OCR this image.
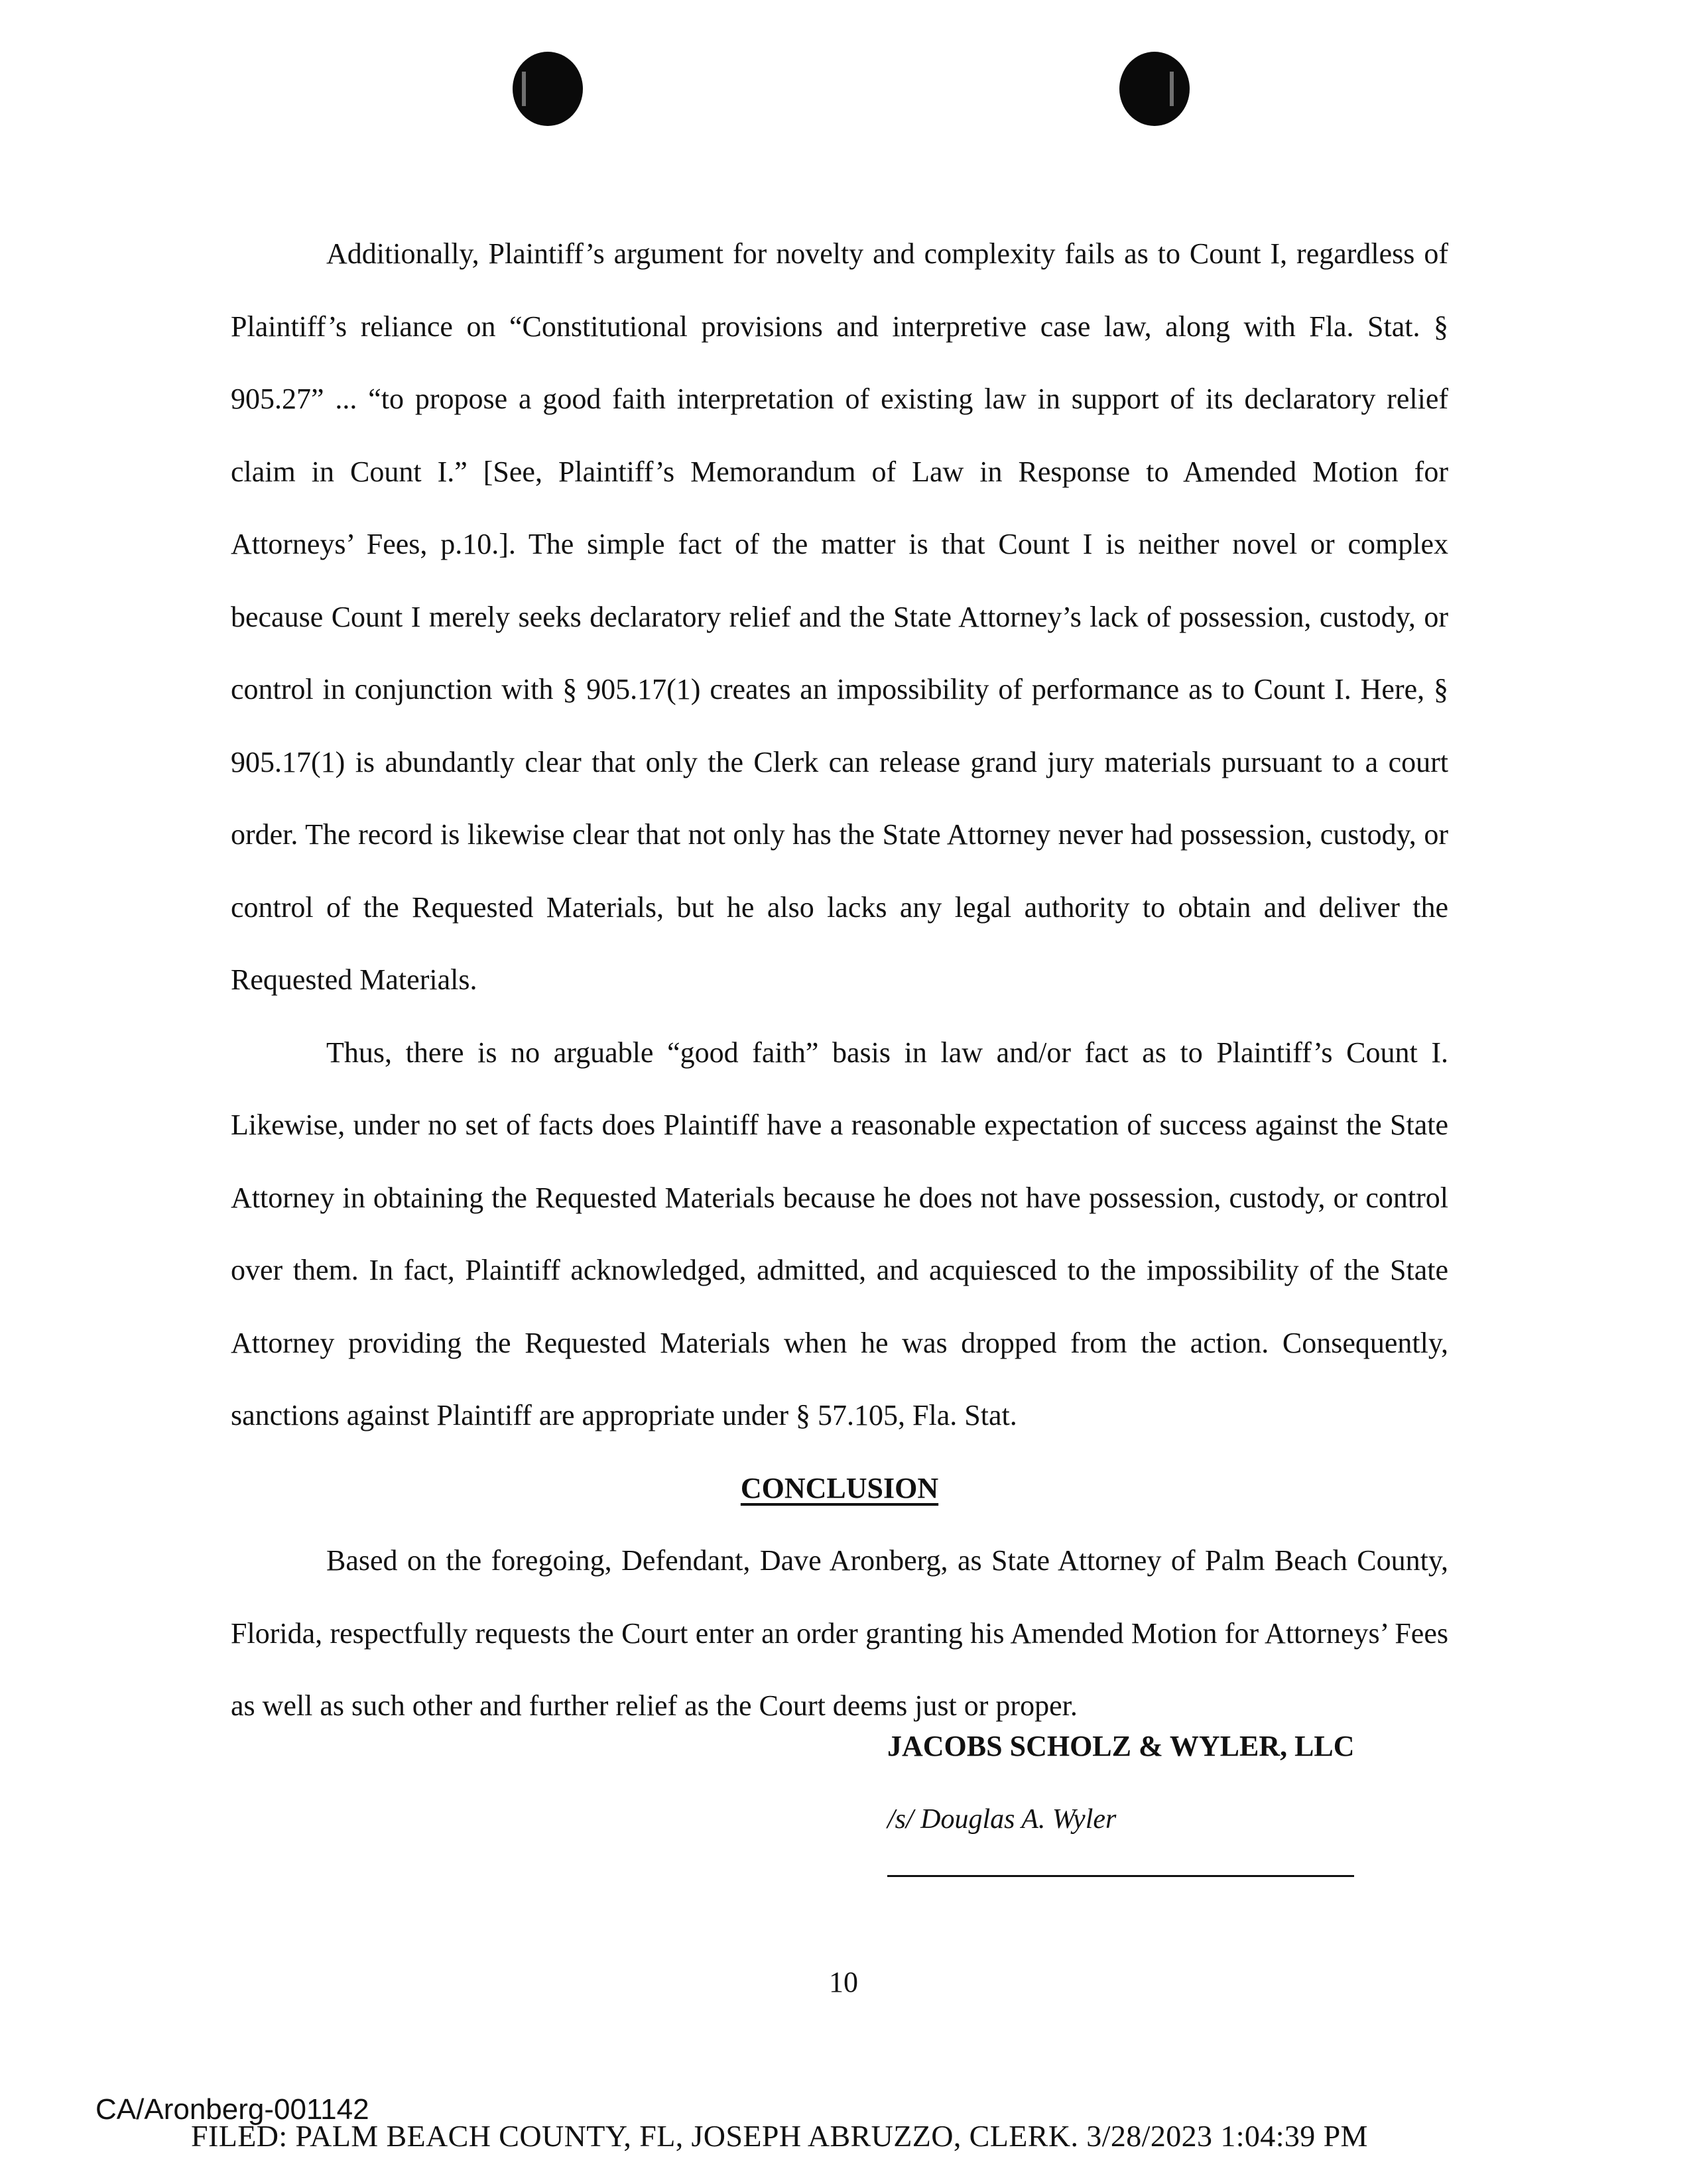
Additionally, Plaintiff’s argument for novelty and complexity fails as to Count I, regardless of Plaintiff’s reliance on “Constitutional provisions and interpretive case law, along with Fla. Stat. § 905.27” ... “to propose a good faith interpretation of existing law in support of its declaratory relief claim in Count I.” [See, Plaintiff’s Memorandum of Law in Response to Amended Motion for Attorneys’ Fees, p.10.]. The simple fact of the matter is that Count I is neither novel or complex because Count I merely seeks declaratory relief and the State Attorney’s lack of possession, custody, or control in conjunction with § 905.17(1) creates an impossibility of performance as to Count I. Here, § 905.17(1) is abundantly clear that only the Clerk can release grand jury materials pursuant to a court order. The record is likewise clear that not only has the State Attorney never had possession, custody, or control of the Requested Materials, but he also lacks any legal authority to obtain and deliver the Requested Materials.

Thus, there is no arguable “good faith” basis in law and/or fact as to Plaintiff’s Count I. Likewise, under no set of facts does Plaintiff have a reasonable expectation of success against the State Attorney in obtaining the Requested Materials because he does not have possession, custody, or control over them. In fact, Plaintiff acknowledged, admitted, and acquiesced to the impossibility of the State Attorney providing the Requested Materials when he was dropped from the action. Consequently, sanctions against Plaintiff are appropriate under § 57.105, Fla. Stat.

CONCLUSION

Based on the foregoing, Defendant, Dave Aronberg, as State Attorney of Palm Beach County, Florida, respectfully requests the Court enter an order granting his Amended Motion for Attorneys’ Fees as well as such other and further relief as the Court deems just or proper.

JACOBS SCHOLZ & WYLER, LLC
/s/ Douglas A. Wyler
10
FILED: PALM BEACH COUNTY, FL, JOSEPH ABRUZZO, CLERK. 3/28/2023 1:04:39 PM
CA/Aronberg-001142
